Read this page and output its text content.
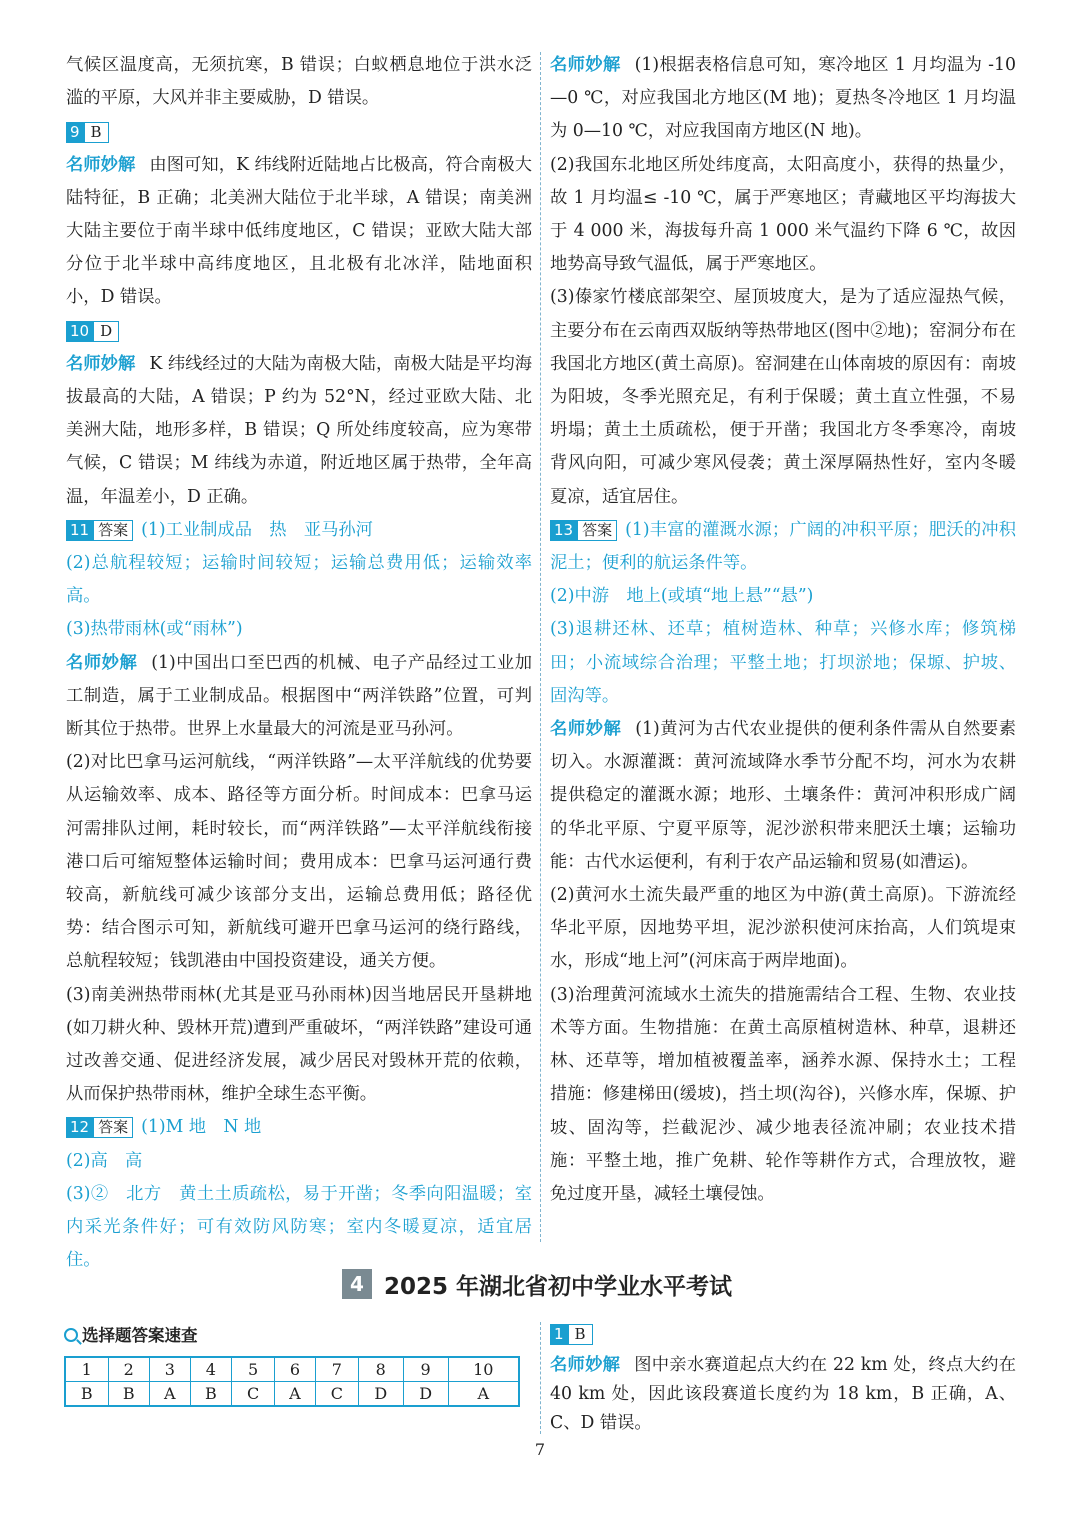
气候区温度高，无须抗寒，B 错误；白蚁栖息地位于洪水泛滥的平原，大风并非主要威胁，D 错误。

9 B

名师妙解 由图可知，K 纬线附近陆地占比极高，符合南极大陆特征，B 正确；北美洲大陆位于北半球，A 错误；南美洲大陆主要位于南半球中低纬度地区，C 错误；亚欧大陆大部分位于北半球中高纬度地区，且北极有北冰洋，陆地面积小，D 错误。

10 D

名师妙解 K 纬线经过的大陆为南极大陆，南极大陆是平均海拔最高的大陆，A 错误；P 约为 52°N，经过亚欧大陆、北美洲大陆，地形多样，B 错误；Q 所处纬度较高，应为寒带气候，C 错误；M 纬线为赤道，附近地区属于热带，全年高温，年温差小，D 正确。

11 答案 (1)工业制成品　热　亚马孙河

(2)总航程较短；运输时间较短；运输总费用低；运输效率高。

(3)热带雨林(或“雨林”)

名师妙解 (1)中国出口至巴西的机械、电子产品经过工业加工制造，属于工业制成品。根据图中“两洋铁路”位置，可判断其位于热带。世界上水量最大的河流是亚马孙河。

(2)对比巴拿马运河航线，“两洋铁路”—太平洋航线的优势要从运输效率、成本、路径等方面分析。时间成本：巴拿马运河需排队过闸，耗时较长，而“两洋铁路”—太平洋航线衔接港口后可缩短整体运输时间；费用成本：巴拿马运河通行费较高，新航线可减少该部分支出，运输总费用低；路径优势：结合图示可知，新航线可避开巴拿马运河的绕行路线，总航程较短；钱凯港由中国投资建设，通关方便。

(3)南美洲热带雨林(尤其是亚马孙雨林)因当地居民开垦耕地(如刀耕火种、毁林开荒)遭到严重破坏，“两洋铁路”建设可通过改善交通、促进经济发展，减少居民对毁林开荒的依赖，从而保护热带雨林，维护全球生态平衡。

12 答案 (1)M 地　N 地

(2)高　高

(3)②　北方　黄土土质疏松，易于开凿；冬季向阳温暖；室内采光条件好；可有效防风防寒；室内冬暖夏凉，适宜居住。

名师妙解 (1)根据表格信息可知，寒冷地区 1 月均温为 -10—0 ℃，对应我国北方地区(M 地)；夏热冬冷地区 1 月均温为 0—10 ℃，对应我国南方地区(N 地)。

(2)我国东北地区所处纬度高，太阳高度小，获得的热量少，故 1 月均温≤ -10 ℃，属于严寒地区；青藏地区平均海拔大于 4 000 米，海拔每升高 1 000 米气温约下降 6 ℃，故因地势高导致气温低，属于严寒地区。

(3)傣家竹楼底部架空、屋顶坡度大，是为了适应湿热气候，主要分布在云南西双版纳等热带地区(图中②地)；窑洞分布在我国北方地区(黄土高原)。窑洞建在山体南坡的原因有：南坡为阳坡，冬季光照充足，有利于保暖；黄土直立性强，不易坍塌；黄土土质疏松，便于开凿；我国北方冬季寒冷，南坡背风向阳，可减少寒风侵袭；黄土深厚隔热性好，室内冬暖夏凉，适宜居住。

13 答案 (1)丰富的灌溉水源；广阔的冲积平原；肥沃的冲积泥土；便利的航运条件等。

(2)中游　地上(或填“地上悬”“悬”)

(3)退耕还林、还草；植树造林、种草；兴修水库；修筑梯田；小流域综合治理；平整土地；打坝淤地；保塬、护坡、固沟等。

名师妙解 (1)黄河为古代农业提供的便利条件需从自然要素切入。水源灌溉：黄河流域降水季节分配不均，河水为农耕提供稳定的灌溉水源；地形、土壤条件：黄河冲积形成广阔的华北平原、宁夏平原等，泥沙淤积带来肥沃土壤；运输功能：古代水运便利，有利于农产品运输和贸易(如漕运)。

(2)黄河水土流失最严重的地区为中游(黄土高原)。下游流经华北平原，因地势平坦，泥沙淤积使河床抬高，人们筑堤束水，形成“地上河”(河床高于两岸地面)。

(3)治理黄河流域水土流失的措施需结合工程、生物、农业技术等方面。生物措施：在黄土高原植树造林、种草，退耕还林、还草等，增加植被覆盖率，涵养水源、保持水土；工程措施：修建梯田(缓坡)，挡土坝(沟谷)，兴修水库，保塬、护坡、固沟等，拦截泥沙、减少地表径流冲刷；农业技术措施：平整土地，推广免耕、轮作等耕作方式，合理放牧，避免过度开垦，减轻土壤侵蚀。

4 2025 年湖北省初中学业水平考试
选择题答案速查
1	2	3	4	5	6	7	8	9	10
B	B	A	B	C	A	C	D	D	A
1 B

名师妙解 图中亲水赛道起点大约在 22 km 处，终点大约在 40 km 处，因此该段赛道长度约为 18 km，B 正确，A、C、D 错误。

7
